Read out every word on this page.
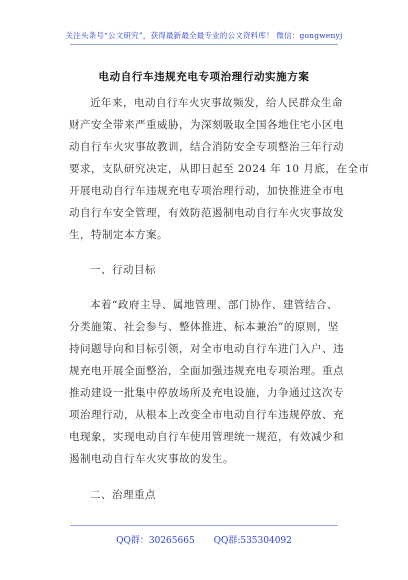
关注头条号“公文研究”，获得最新最全最专业的公文资料库！ 微信：gongwenyj
电动自行车违规充电专项治理行动实施方案
近年来，电动自行车火灾事故频发，给人民群众生命
财产安全带来严重威胁，为深刻吸取全国各地住宅小区电
动自行车火灾事故教训，结合消防安全专项整治三年行动
要求，支队研究决定，从即日起至 2024 年 10 月底，在全市
开展电动自行车违规充电专项治理行动，加快推进全市电
动自行车安全管理，有效防范遏制电动自行车火灾事故发
生，特制定本方案。
一、行动目标
本着“政府主导、属地管理、部门协作、建管结合、
分类施策、社会参与、整体推进、标本兼治”的原则，坚
持问题导向和目标引领，对全市电动自行车进门入户、违
规充电开展全面整治，全面加强违规充电专项治理。重点
推动建设一批集中停放场所及充电设施，力争通过这次专
项治理行动，从根本上改变全市电动自行车违规停放、充
电现象，实现电动自行车使用管理统一规范，有效减少和
遏制电动自行车火灾事故的发生。
二、治理重点
QQ群：30265665 QQ群:535304092
